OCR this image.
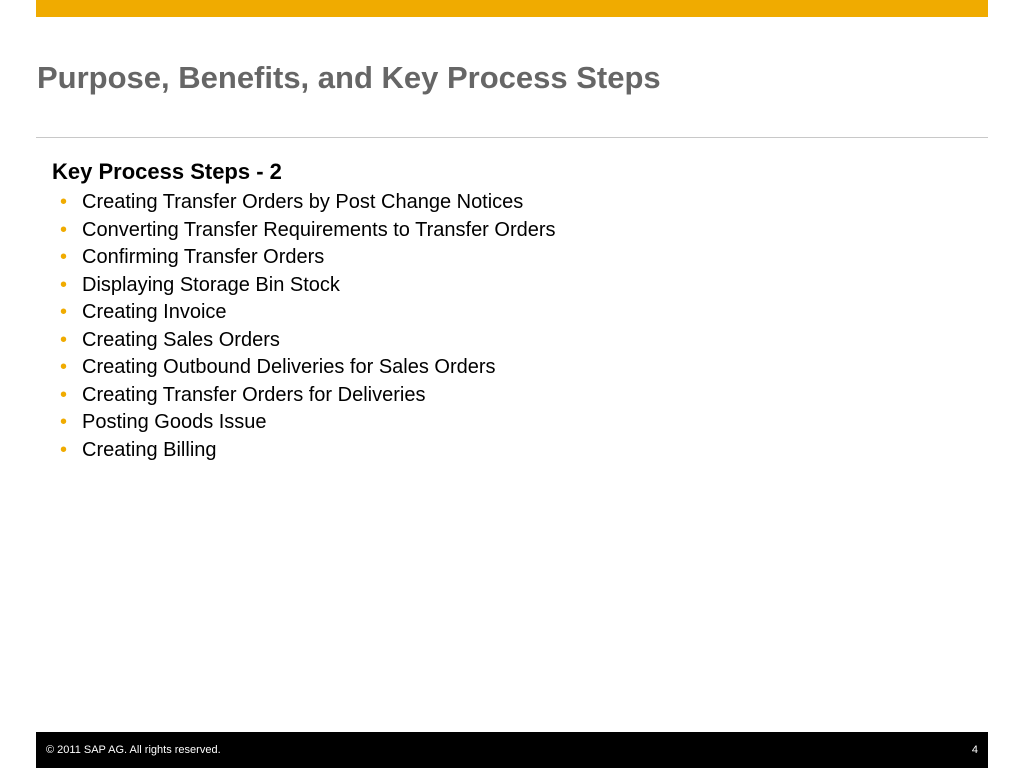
Purpose, Benefits, and Key Process Steps
Key Process Steps - 2
• Creating Transfer Orders by Post Change Notices
• Converting Transfer Requirements to Transfer Orders
• Confirming Transfer Orders
• Displaying Storage Bin Stock
• Creating Invoice
• Creating Sales Orders
• Creating Outbound Deliveries for Sales Orders
• Creating Transfer Orders for Deliveries
• Posting Goods Issue
• Creating Billing
© 2011 SAP AG. All rights reserved.	4
